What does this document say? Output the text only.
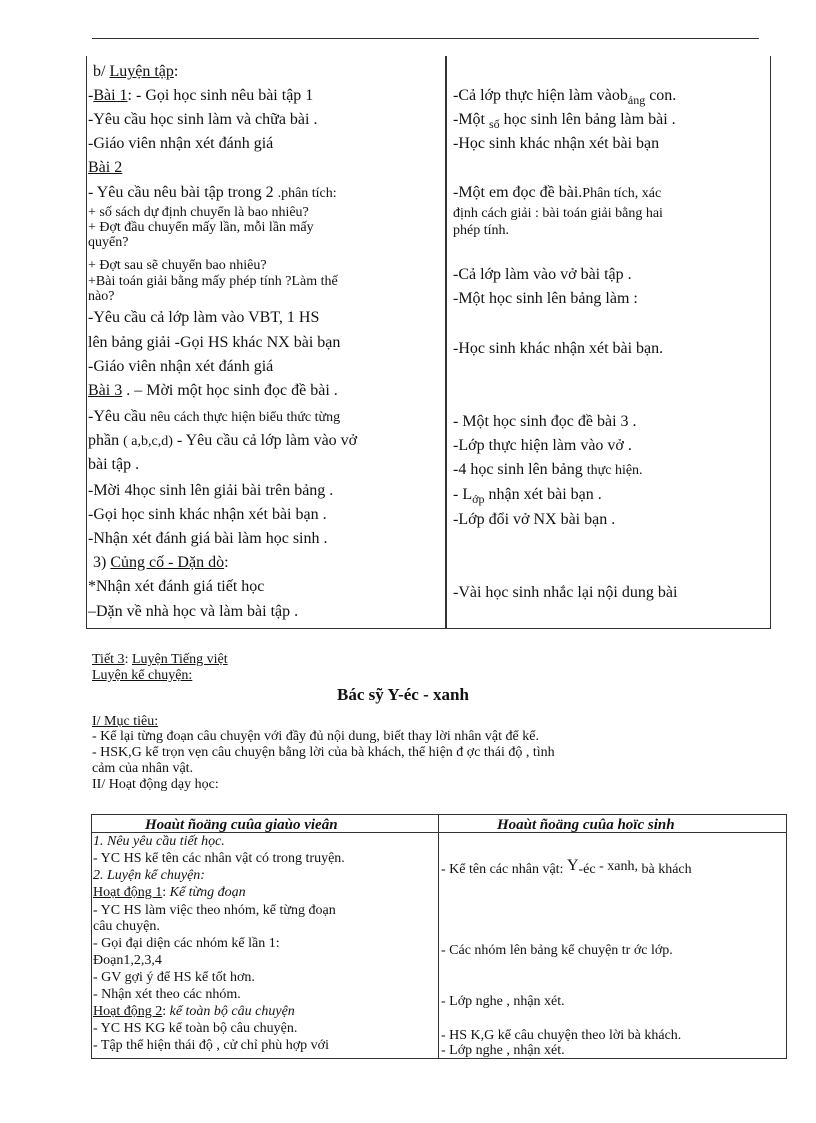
b/ Luyện tập:
-Bài 1: - Gọi học sinh nêu bài tập 1
-Yêu cầu học sinh làm và chữa bài .
-Giáo viên nhận xét đánh giá
Bài 2
- Yêu cầu nêu bài tập trong 2 .phân tích:
+ số sách dự định chuyển là bao nhiêu?
+ Đợt đầu chuyển mấy lần, mỗi lần mấy
quyển?
+ Đợt sau sẽ chuyển bao nhiêu?
+Bài toán giải bằng mấy phép tính ?Làm thế
nào?
-Yêu cầu cả lớp làm vào VBT, 1 HS
lên bảng giải -Gọi HS khác NX bài bạn
-Giáo viên nhận xét đánh giá
Bài 3 . – Mời một học sinh đọc đề bài .
-Yêu cầu nêu cách thực hiện biểu thức từng
phần ( a,b,c,d) - Yêu cầu cả lớp làm vào vở
bài tập .
-Mời 4học sinh lên giải bài trên bảng .
-Gọi học sinh khác nhận xét bài bạn .
-Nhận xét đánh giá bài làm học sinh .
3) Củng cố - Dặn dò:
*Nhận xét đánh giá tiết học
–Dặn về nhà học và làm bài tập .
-Cả lớp thực hiện làm vàob$_{ảng}$ con.
-Một $_{số}$ học sinh lên bảng làm bài .
-Học sinh khác nhận xét bài bạn
-Một em đọc đề bài.Phân tích, xác
định cách giải : bài toán giải bằng hai
phép tính.
-Cả lớp làm vào vở bài tập .
-Một học sinh lên bảng làm :
-Học sinh khác nhận xét bài bạn.
- Một học sinh đọc đề bài 3 .
-Lớp thực hiện làm vào vở .
-4 học sinh lên bảng thực hiện.
- $L_{ớp}$ nhận xét bài bạn .
-Lớp đổi vở NX bài bạn .
-Vài học sinh nhắc lại nội dung bài
Tiết 3: Luyện Tiếng việt
Luyện kể chuyện:
Bác sỹ Y-éc - xanh
I/ Mục tiêu:
- Kể lại từng đoạn câu chuyện với đầy đủ nội dung, biết thay lời nhân vật để kể.
- HSK,G kể trọn vẹn câu chuyện bằng lời của bà khách, thể hiện đ ợc thái độ , tình
cảm của nhân vật.
II/ Hoạt động dạy học:
Hoaùt ñoäng cuûa giaùo vieân	Hoaùt ñoäng cuûa hoïc sinh
1. Nêu yêu cầu tiết học.
- YC HS kể tên các nhân vật có trong truyện.
2. Luyện kể chuyện:
Hoạt động 1: Kể từng đoạn
- YC HS làm việc theo nhóm, kể từng đoạn
câu chuyện.
- Gọi đại diện các nhóm kể lần 1:
Đoạn1,2,3,4
- GV gợi ý để HS kể tốt hơn.
- Nhận xét theo các nhóm.
Hoạt động 2: kể toàn bộ câu chuyện
- YC HS KG kể toàn bộ câu chuyện.
- Tập thể hiện thái độ , cử chỉ phù hợp với
- Kể tên các nhân vật: Y-éc - xanh, bà khách
- Các nhóm lên bảng kể chuyện tr ớc lớp.
- Lớp nghe , nhận xét.
- HS K,G kể câu chuyện theo lời bà khách.
- Lớp nghe , nhận xét.
